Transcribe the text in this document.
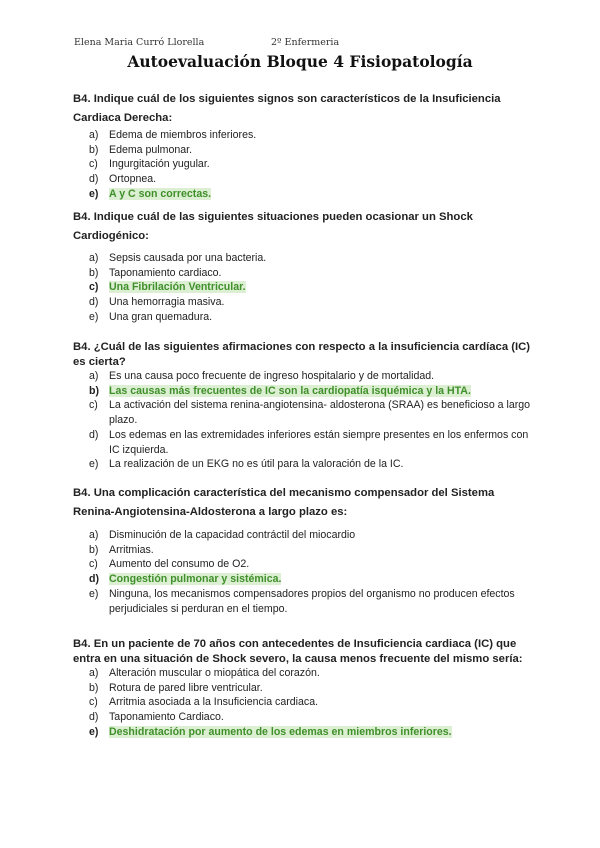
Elena Maria Curró Llorella	2º Enfermeria
Autoevaluación Bloque 4 Fisiopatología
B4. Indique cuál de los siguientes signos son característicos de la Insuficiencia Cardiaca Derecha:
a) Edema de miembros inferiores.
b) Edema pulmonar.
c) Ingurgitación yugular.
d) Ortopnea.
e) A y C son correctas.
B4. Indique cuál de las siguientes situaciones pueden ocasionar un Shock Cardiogénico:
a) Sepsis causada por una bacteria.
b) Taponamiento cardiaco.
c) Una Fibrilación Ventricular.
d) Una hemorragia masiva.
e) Una gran quemadura.
B4. ¿Cuál de las siguientes afirmaciones con respecto a la insuficiencia cardíaca (IC) es cierta?
a) Es una causa poco frecuente de ingreso hospitalario y de mortalidad.
b) Las causas más frecuentes de IC son la cardiopatía isquémica y la HTA.
c) La activación del sistema renina-angiotensina- aldosterona (SRAA) es beneficioso a largo plazo.
d) Los edemas en las extremidades inferiores están siempre presentes en los enfermos con IC izquierda.
e) La realización de un EKG no es útil para la valoración de la IC.
B4. Una complicación característica del mecanismo compensador del Sistema Renina-Angiotensina-Aldosterona a largo plazo es:
a) Disminución de la capacidad contráctil del miocardio
b) Arritmias.
c) Aumento del consumo de O2.
d) Congestión pulmonar y sistémica.
e) Ninguna, los mecanismos compensadores propios del organismo no producen efectos perjudiciales si perduran en el tiempo.
B4. En un paciente de 70 años con antecedentes de Insuficiencia cardiaca (IC) que entra en una situación de Shock severo, la causa menos frecuente del mismo sería:
a) Alteración muscular o miopática del corazón.
b) Rotura de pared libre ventricular.
c) Arritmia asociada a la Insuficiencia cardiaca.
d) Taponamiento Cardiaco.
e) Deshidratación por aumento de los edemas en miembros inferiores.
